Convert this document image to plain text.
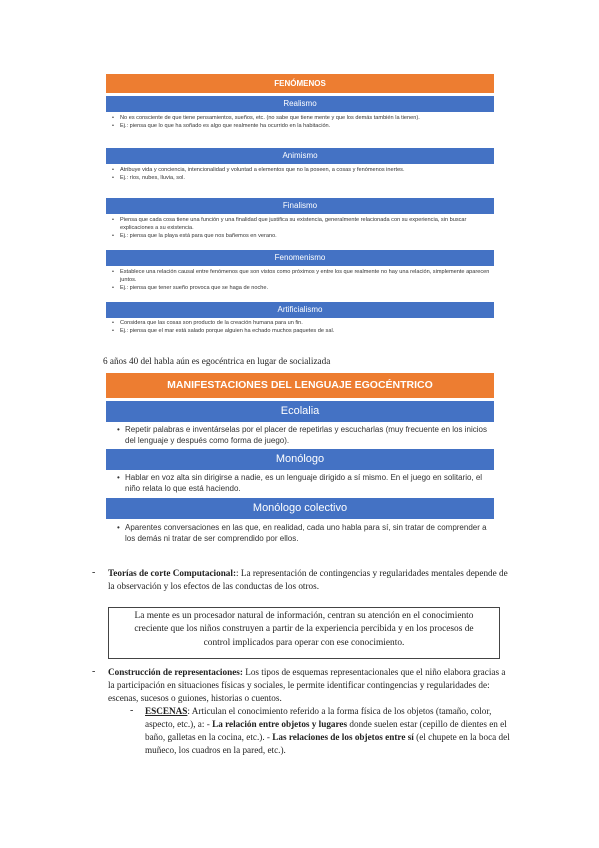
FENÓMENOS
Realismo
• No es consciente de que tiene pensamientos, sueños, etc. (no sabe que tiene mente y que los demás también la tienen).
• Ej.: piensa que lo que ha soñado es algo que realmente ha ocurrido en la habitación.
Animismo
• Atribuye vida y conciencia, intencionalidad y voluntad a elementos que no la poseen, a cosas y fenómenos inertes.
• Ej.: ríos, nubes, lluvia, sol.
Finalismo
• Piensa que cada cosa tiene una función y una finalidad que justifica su existencia, generalmente relacionada con su experiencia, sin buscar explicaciones a su existencia.
• Ej.: piensa que la playa está para que nos bañemos en verano.
Fenomenismo
• Establece una relación causal entre fenómenos que son vistos como próximos y entre los que realmente no hay una relación, simplemente aparecen juntos.
• Ej.: piensa que tener sueño provoca que se haga de noche.
Artificialismo
• Considera que las cosas son producto de la creación humana para un fin.
• Ej.: piensa que el mar está salado porque alguien ha echado muchos paquetes de sal.
6 años 40 del habla aún es egocéntrica en lugar de socializada
MANIFESTACIONES DEL LENGUAJE EGOCÉNTRICO
Ecolalia
• Repetir palabras e inventárselas por el placer de repetirlas y escucharlas (muy frecuente en los inicios del lenguaje y después como forma de juego).
Monólogo
• Hablar en voz alta sin dirigirse a nadie, es un lenguaje dirigido a sí mismo. En el juego en solitario, el niño relata lo que está haciendo.
Monólogo colectivo
• Aparentes conversaciones en las que, en realidad, cada uno habla para sí, sin tratar de comprender a los demás ni tratar de ser comprendido por ellos.
- Teorías de corte Computacional:: La representación de contingencias y regularidades mentales depende de la observación y los efectos de las conductas de los otros.
La mente es un procesador natural de información, centran su atención en el conocimiento creciente que los niños construyen a partir de la experiencia percibida y en los procesos de control implicados para operar con ese conocimiento.
- Construcción de representaciones: Los tipos de esquemas representacionales que el niño elabora gracias a la participación en situaciones físicas y sociales, le permite identificar contingencias y regularidades de: escenas, sucesos o guiones, historias o cuentos.
- ESCENAS: Articulan el conocimiento referido a la forma física de los objetos (tamaño, color, aspecto, etc.), a: - La relación entre objetos y lugares donde suelen estar (cepillo de dientes en el baño, galletas en la cocina, etc.). - Las relaciones de los objetos entre sí (el chupete en la boca del muñeco, los cuadros en la pared, etc.).
